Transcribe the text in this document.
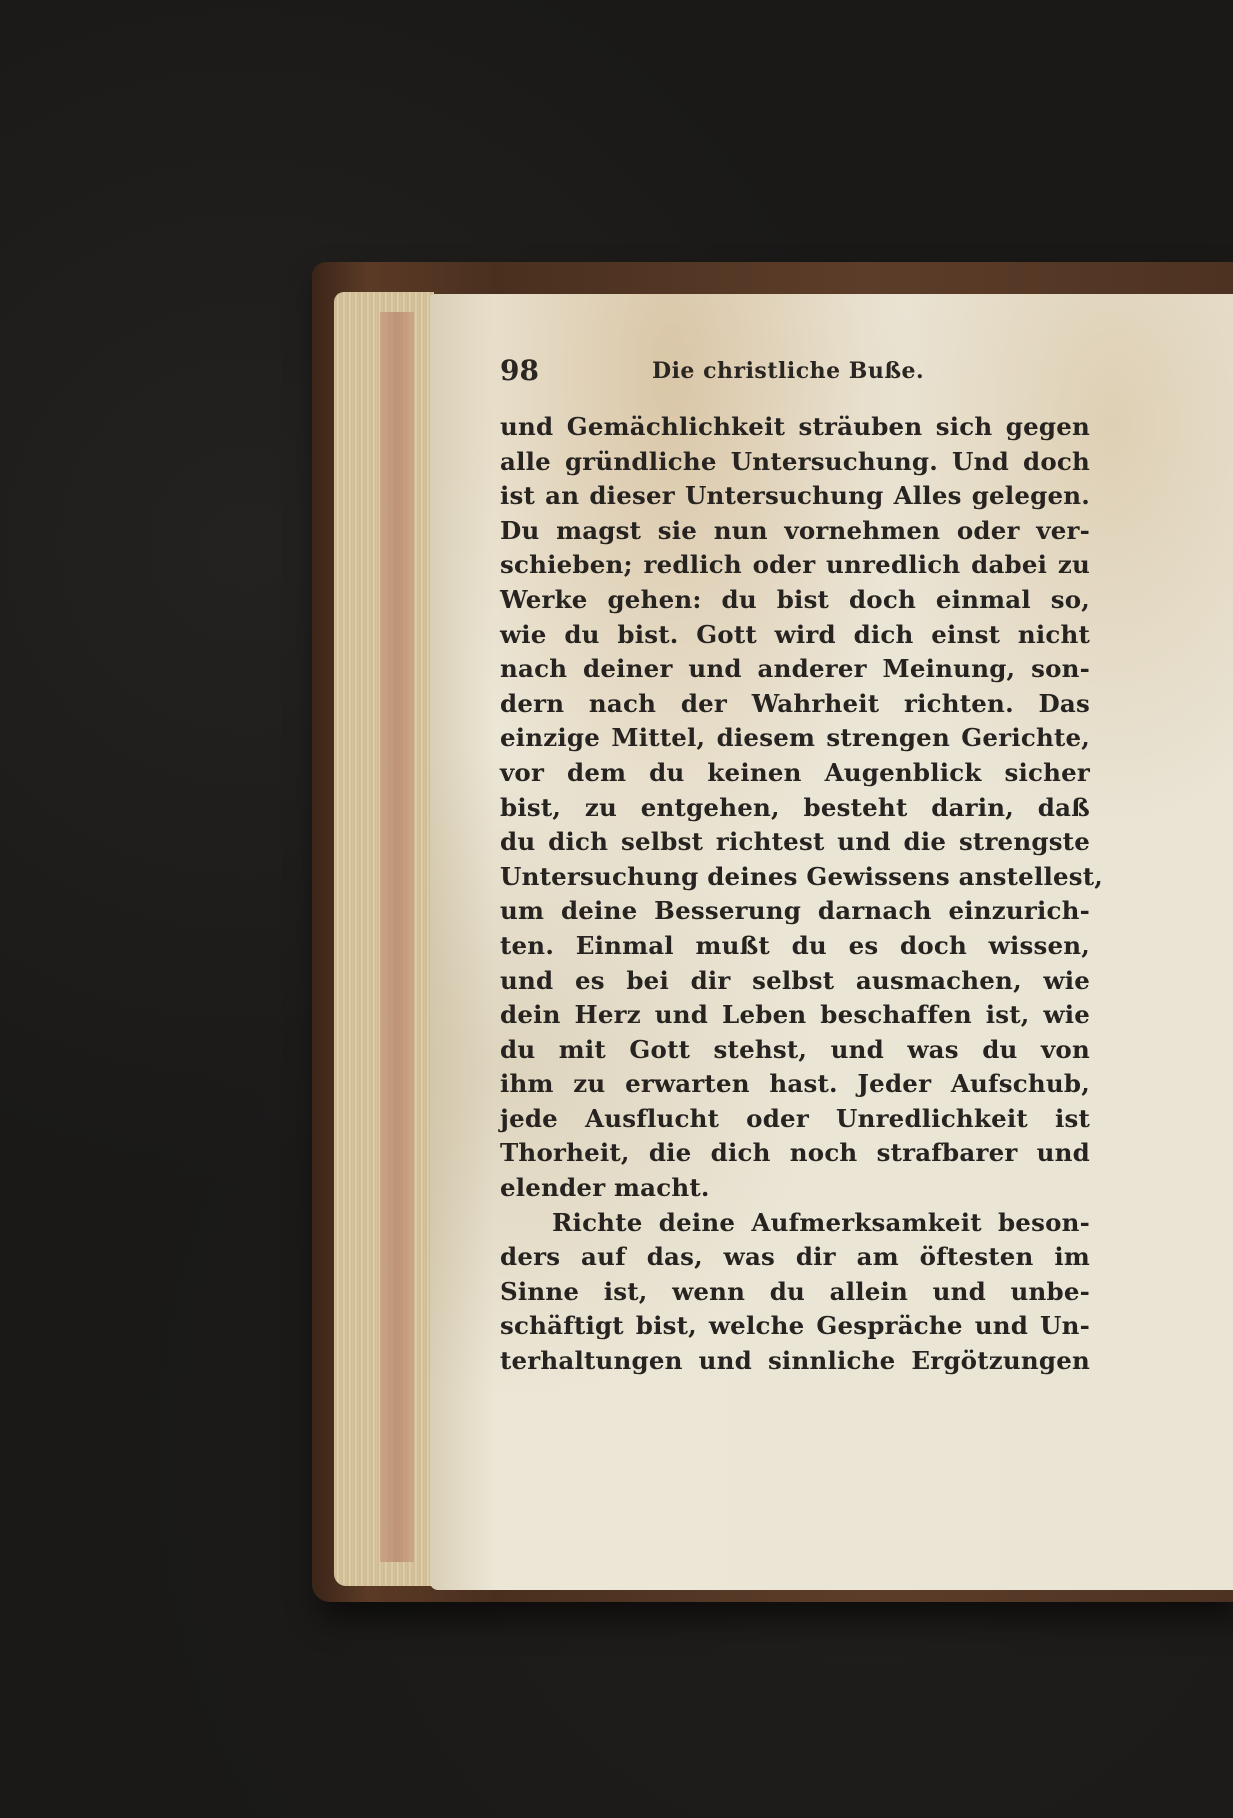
98	Die christliche Buße.
und Gemächlichkeit sträuben sich gegen
alle gründliche Untersuchung. Und doch
ist an dieser Untersuchung Alles gelegen.
Du magst sie nun vornehmen oder ver-
schieben; redlich oder unredlich dabei zu
Werke gehen: du bist doch einmal so,
wie du bist. Gott wird dich einst nicht
nach deiner und anderer Meinung, son-
dern nach der Wahrheit richten. Das
einzige Mittel, diesem strengen Gerichte,
vor dem du keinen Augenblick sicher
bist, zu entgehen, besteht darin, daß
du dich selbst richtest und die strengste
Untersuchung deines Gewissens anstellest,
um deine Besserung darnach einzurich-
ten. Einmal mußt du es doch wissen,
und es bei dir selbst ausmachen, wie
dein Herz und Leben beschaffen ist, wie
du mit Gott stehst, und was du von
ihm zu erwarten hast. Jeder Aufschub,
jede Ausflucht oder Unredlichkeit ist
Thorheit, die dich noch strafbarer und
elender macht.
Richte deine Aufmerksamkeit beson-
ders auf das, was dir am öftesten im
Sinne ist, wenn du allein und unbe-
schäftigt bist, welche Gespräche und Un-
terhaltungen und sinnliche Ergötzungen
